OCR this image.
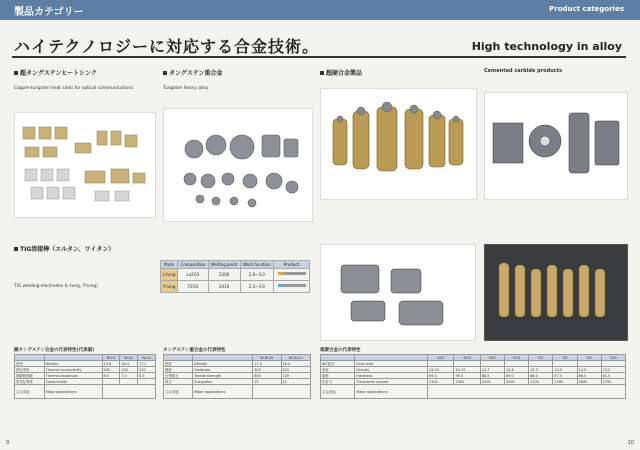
製品カテゴリー	Product categories
ハイテクノロジーに対応する合金技術。	High technology in alloy
超タングステンヒートシンク
Copper-tungsten heat sinks for optical communications
タングステン重合金
Tungsten heavy alloy
超硬合金製品	Cemented carbide products
TIG溶接棒（エルタン、ワイタン）
TIG welding electrodes (L-tung, Y-tung)
Mark	Composition	Melting point	Work function	Product
L-tung	La2O3	2300	2.8~4.0	
Y-tung	Y2O3	2410	2.3~3.9	
銅タングステン合金の代表特性(代表値)
		W-Cu	W-Cu	W-Cu
密度	Density	15.6	16.4	17.1
熱伝導率	Thermal conductivity	200	220	250
熱膨張係数	Thermal expansion	6.5	7.0	8.3
電気伝導率	Conductivity			
主な用途	Major applications			
タングステン重合金の代表特性
		W-Ni-Fe	W-Ni-Cu
密度	Density	17.0	18.0
硬度	Hardness	300	320
引張強さ	Tensile strength	850	720
伸び	Elongation	15	12
主な用途	Major applications		
超硬合金の代表特性
		K20	M20	S20	K10	G2	G3	G5	V30
WC粒径	Grain size								
密度	Density	14.74	14.74	14.7	14.8	14.9	14.9	14.9	13.0
硬度	Hardness	89.5	90.0	88.5	89.0	88.0	87.0	86.0	81.5
抗折力	Transverse rupture	2100	2300	2500	2000	2200	2500	2800	2700
主な用途	Major applications								
9	10
